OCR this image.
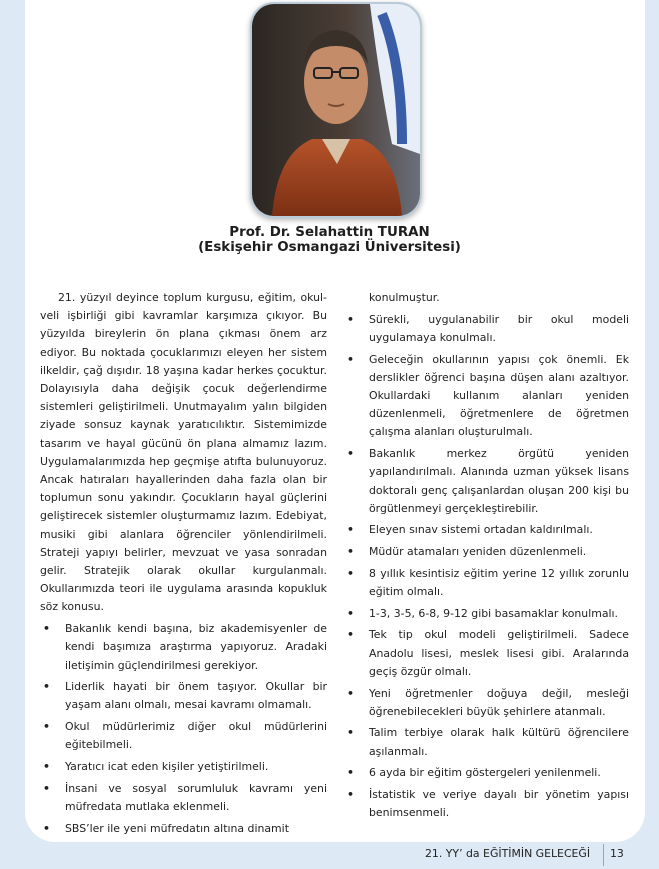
Prof. Dr. Selahattin TURAN
(Eskişehir Osmangazi Üniversitesi)

21. yüzyıl deyince toplum kurgusu, eğitim, okul-veli işbirliği gibi kavramlar karşımıza çıkıyor. Bu yüzyılda bireylerin ön plana çıkması önem arz ediyor. Bu noktada çocuklarımızı eleyen her sistem ilkeldir, çağ dışıdır. 18 yaşına kadar herkes çocuktur. Dolayısıyla daha değişik çocuk değerlendirme sistemleri geliştirilmeli. Unutmayalım yalın bilgiden ziyade sonsuz kaynak yaratıcılıktır. Sistemimizde tasarım ve hayal gücünü ön plana almamız lazım. Uygulamalarımızda hep geçmişe atıfta bulunuyoruz. Ancak hatıraları hayallerinden daha fazla olan bir toplumun sonu yakındır. Çocukların hayal güçlerini geliştirecek sistemler oluşturmamız lazım. Edebiyat, musiki gibi alanlara öğrenciler yönlendirilmeli. Strateji yapıyı belirler, mevzuat ve yasa sonradan gelir. Stratejik olarak okullar kurgulanmalı. Okullarımızda teori ile uygulama arasında kopukluk söz konusu.

• Bakanlık kendi başına, biz akademisyenler de kendi başımıza araştırma yapıyoruz. Aradaki iletişimin güçlendirilmesi gerekiyor.
• Liderlik hayati bir önem taşıyor. Okullar bir yaşam alanı olmalı, mesai kavramı olmamalı.
• Okul müdürlerimiz diğer okul müdürlerini eğitebilmeli.
• Yaratıcı icat eden kişiler yetiştirilmeli.
• İnsani ve sosyal sorumluluk kavramı yeni müfredata mutlaka eklenmeli.
• SBS’ler ile yeni müfredatın altına dinamit

konulmuştur.

• Sürekli, uygulanabilir bir okul modeli uygulamaya konulmalı.
• Geleceğin okullarının yapısı çok önemli. Ek derslikler öğrenci başına düşen alanı azaltıyor. Okullardaki kullanım alanları yeniden düzenlenmeli, öğretmenlere de öğretmen çalışma alanları oluşturulmalı.
• Bakanlık merkez örgütü yeniden yapılandırılmalı. Alanında uzman yüksek lisans doktoralı genç çalışanlardan oluşan 200 kişi bu örgütlenmeyi gerçekleştirebilir.
• Eleyen sınav sistemi ortadan kaldırılmalı.
• Müdür atamaları yeniden düzenlenmeli.
• 8 yıllık kesintisiz eğitim yerine 12 yıllık zorunlu eğitim olmalı.
• 1-3, 3-5, 6-8, 9-12 gibi basamaklar konulmalı.
• Tek tip okul modeli geliştirilmeli. Sadece Anadolu lisesi, meslek lisesi gibi. Aralarında geçiş özgür olmalı.
• Yeni öğretmenler doğuya değil, mesleği öğrenebilecekleri büyük şehirlere atanmalı.
• Talim terbiye olarak halk kültürü öğrencilere aşılanmalı.
• 6 ayda bir eğitim göstergeleri yenilenmeli.
• İstatistik ve veriye dayalı bir yönetim yapısı benimsenmeli.
21. YY’ da EĞİTİMİN GELECEĞİ 13
